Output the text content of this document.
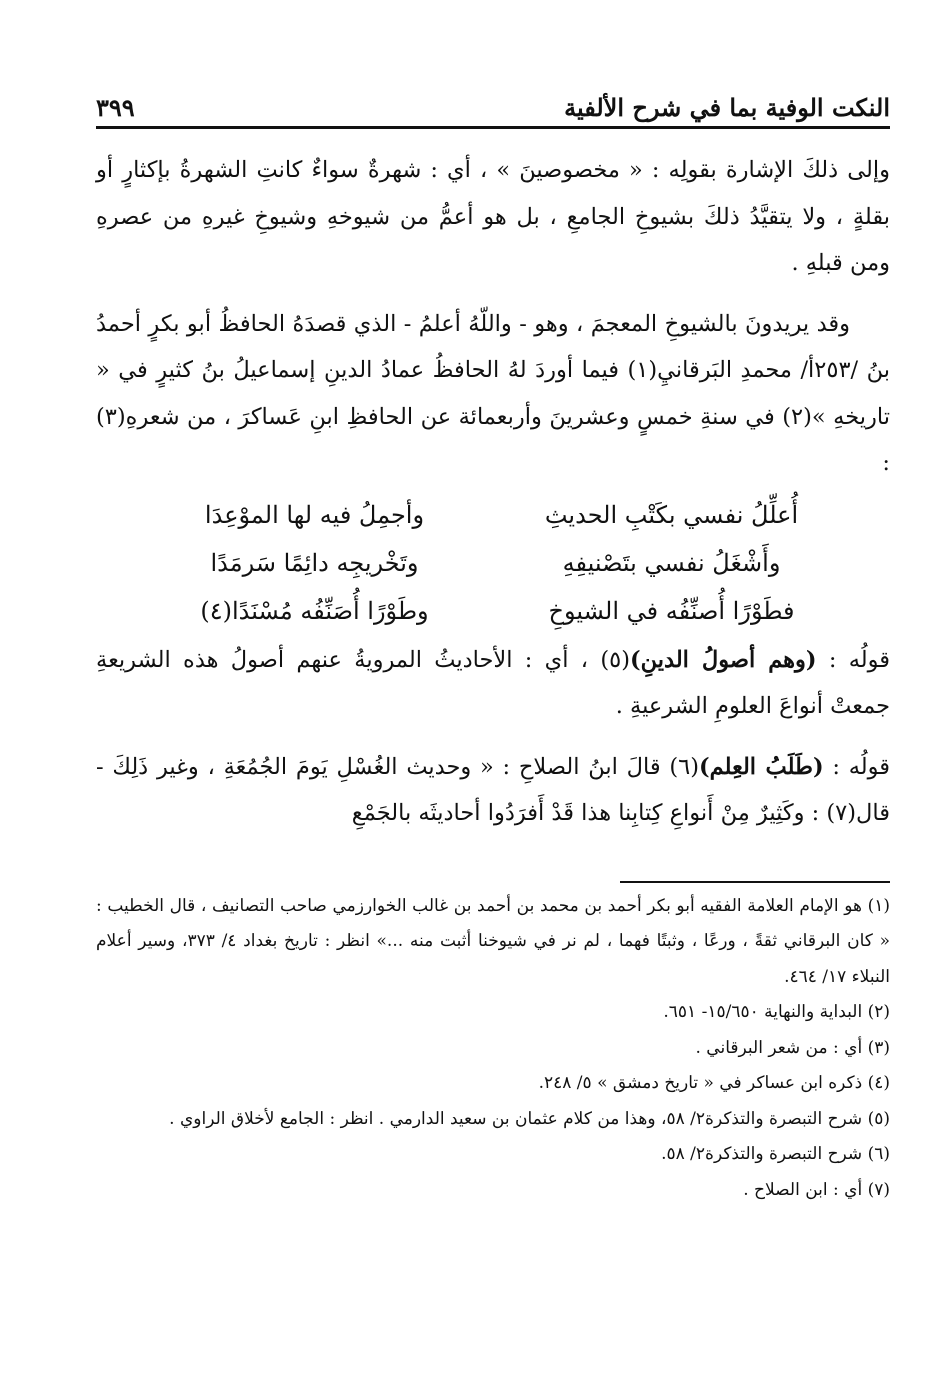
النكت الوفية بما في شرح الألفية
٣٩٩

وإلى ذلكَ الإشارة بقولِه : « مخصوصينَ » ، أي : شهرةٌ سواءٌ كانتِ الشهرةُ بإكثارٍ أو بقلةٍ ، ولا يتقيَّدُ ذلكَ بشيوخِ الجامعِ ، بل هو أعمُّ من شيوخهِ وشيوخِ غيرهِ من عصرهِ ومن قبلهِ .

وقد يريدونَ بالشيوخِ المعجمَ ، وهو - واللّهُ أعلمُ - الذي قصدَهُ الحافظُ أبو بكرٍ أحمدُ بنُ /٢٥٣أ/ محمدِ البَرقانيِ(١) فيما أوردَ لهُ الحافظُ عمادُ الدينِ إسماعيلُ بنُ كثيرٍ في « تاريخهِ »(٢) في سنةِ خمسٍ وعشرينَ وأربعمائة عن الحافظِ ابنِ عَساكرَ ، من شعرهِ(٣) :

أُعلِّلُ نفسي بكَتْبِ الحديثِ
وأجمِلُ فيه لها الموْعِدَا
وأَشْغَلُ نفسي بتَصْنيفِهِ
وتَخْريجِه دائِمًا سَرمَدًا
فطَوْرًا أُصنِّفُه في الشيوخِ
وطَوْرًا أُصَنِّفُه مُسْنَدًا(٤)

قولُه : (وهم أصولُ الدينِ)(٥) ، أي : الأحاديثُ المرويةُ عنهم أصولُ هذه الشريعةِ جمعتْ أنواعَ العلومِ الشرعيةِ .

قولُه : (طَلَبُ العِلم)(٦) قالَ ابنُ الصلاحِ : « وحديث الغُسْلِ يَومَ الجُمُعَةِ ، وغير ذَلِكَ - قال(٧) : وكَثِيرٌ مِنْ أَنواعِ كِتابِنا هذا قَدْ أَفرَدُوا أحاديثَه بالجَمْعِ

(١) هو الإمام العلامة الفقيه أبو بكر أحمد بن محمد بن أحمد بن غالب الخوارزمي صاحب التصانيف ، قال الخطيب : « كان البرقاني ثقةً ، ورعًا ، وثبتًا فهما ، لم نر في شيوخنا أثبت منه ...» انظر : تاريخ بغداد ٤/ ٣٧٣، وسير أعلام النبلاء ١٧/ ٤٦٤.

(٢) البداية والنهاية ١٥/٦٥٠- ٦٥١.

(٣) أي : من شعر البرقاني .

(٤) ذكره ابن عساكر في « تاريخ دمشق » ٥/ ٢٤٨.

(٥) شرح التبصرة والتذكرة٢/ ٥٨، وهذا من كلام عثمان بن سعيد الدارمي . انظر : الجامع لأخلاق الراوي .

(٦) شرح التبصرة والتذكرة٢/ ٥٨.

(٧) أي : ابن الصلاح .
